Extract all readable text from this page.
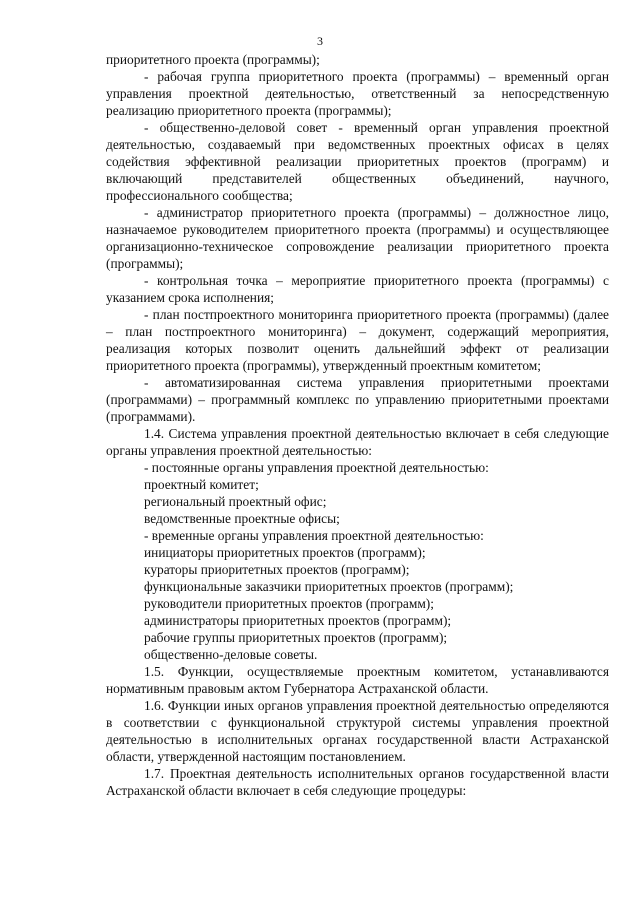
3

приоритетного проекта (программы);

- рабочая группа приоритетного проекта (программы) – временный орган управления проектной деятельностью, ответственный за непосредственную реализацию приоритетного проекта (программы);

- общественно-деловой совет - временный орган управления проектной деятельностью, создаваемый при ведомственных проектных офисах в целях содействия эффективной реализации приоритетных проектов (программ) и включающий представителей общественных объединений, научного, профессионального сообщества;

- администратор приоритетного проекта (программы) – должностное лицо, назначаемое руководителем приоритетного проекта (программы) и осуществляющее организационно-техническое сопровождение реализации приоритетного проекта (программы);

- контрольная точка – мероприятие приоритетного проекта (программы) с указанием срока исполнения;

- план постпроектного мониторинга приоритетного проекта (программы) (далее – план постпроектного мониторинга) – документ, содержащий мероприятия, реализация которых позволит оценить дальнейший эффект от реализации приоритетного проекта (программы), утвержденный проектным комитетом;

- автоматизированная система управления приоритетными проектами (программами) – программный комплекс по управлению приоритетными проектами (программами).

1.4. Система управления проектной деятельностью включает в себя следующие органы управления проектной деятельностью:

- постоянные органы управления проектной деятельностью:

проектный комитет;

региональный проектный офис;

ведомственные проектные офисы;

- временные органы управления проектной деятельностью:

инициаторы приоритетных проектов (программ);

кураторы приоритетных проектов (программ);

функциональные заказчики приоритетных проектов (программ);

руководители приоритетных проектов (программ);

администраторы приоритетных проектов (программ);

рабочие группы приоритетных проектов (программ);

общественно-деловые советы.

1.5. Функции, осуществляемые проектным комитетом, устанавливаются нормативным правовым актом Губернатора Астраханской области.

1.6. Функции иных органов управления проектной деятельностью определяются в соответствии с функциональной структурой системы управления проектной деятельностью в исполнительных органах государственной власти Астраханской области, утвержденной настоящим постановлением.

1.7. Проектная деятельность исполнительных органов государственной власти Астраханской области включает в себя следующие процедуры:
